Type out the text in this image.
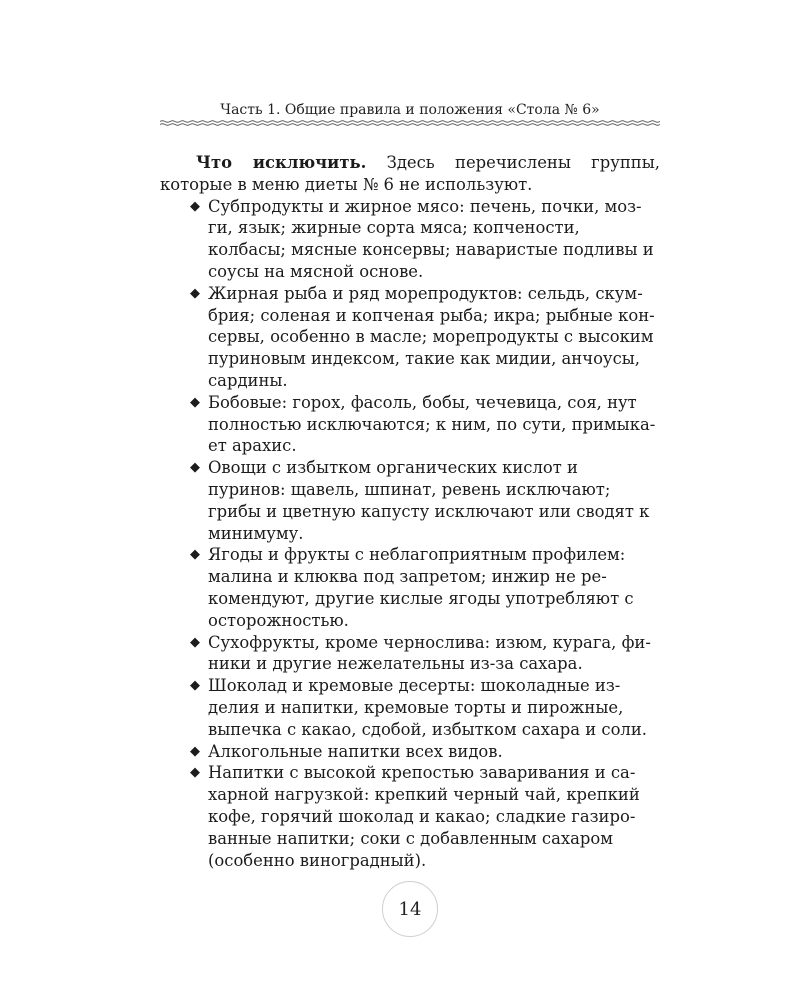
Часть 1. Общие правила и положения «Стола № 6»

Что исключить. Здесь перечислены группы, которые в меню диеты № 6 не используют.

◆ Субпродукты и жирное мясо: печень, почки, мозги, язык; жирные сорта мяса; копчености, колбасы; мясные консервы; наваристые подливы и соусы на мясной основе.
◆ Жирная рыба и ряд морепродуктов: сельдь, скумбрия; соленая и копченая рыба; икра; рыбные консервы, особенно в масле; морепродукты с высоким пуриновым индексом, такие как мидии, анчоусы, сардины.
◆ Бобовые: горох, фасоль, бобы, чечевица, соя, нут полностью исключаются; к ним, по сути, примыкает арахис.
◆ Овощи с избытком органических кислот и пуринов: щавель, шпинат, ревень исключают; грибы и цветную капусту исключают или сводят к минимуму.
◆ Ягоды и фрукты с неблагоприятным профилем: малина и клюква под запретом; инжир не рекомендуют, другие кислые ягоды употребляют с осторожностью.
◆ Сухофрукты, кроме чернослива: изюм, курага, финики и другие нежелательны из-за сахара.
◆ Шоколад и кремовые десерты: шоколадные изделия и напитки, кремовые торты и пирожные, выпечка с какао, сдобой, избытком сахара и соли.
◆ Алкогольные напитки всех видов.
◆ Напитки с высокой крепостью заваривания и сахарной нагрузкой: крепкий черный чай, крепкий кофе, горячий шоколад и какао; сладкие газированные напитки; соки с добавленным сахаром (особенно виноградный).
14
